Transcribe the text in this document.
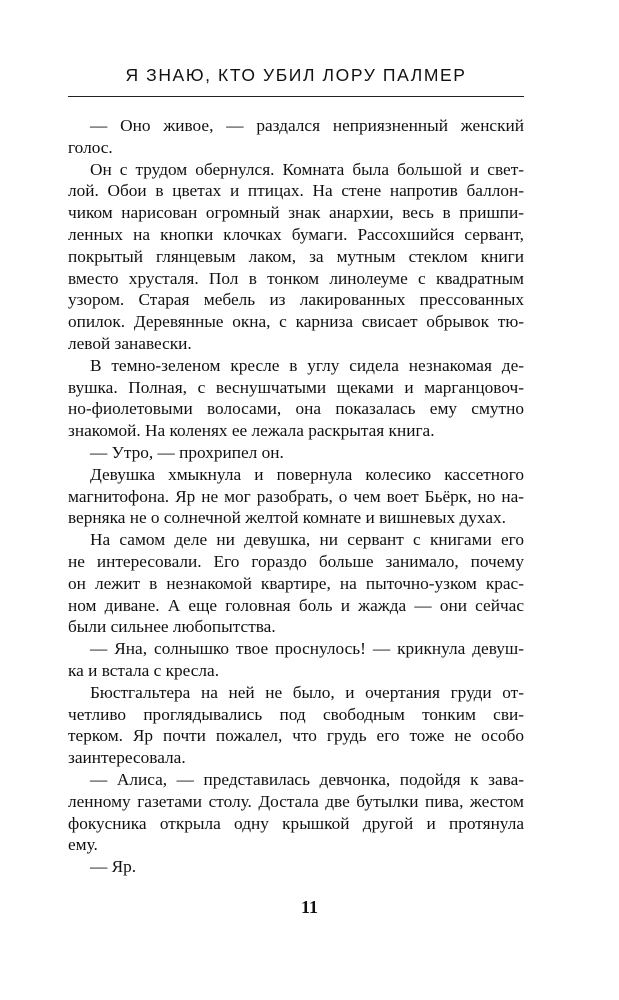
Я ЗНАЮ, КТО УБИЛ ЛОРУ ПАЛМЕР
— Оно живое, — раздался неприязненный женский
голос.
Он с трудом обернулся. Комната была большой и свет-
лой. Обои в цветах и птицах. На стене напротив баллон-
чиком нарисован огромный знак анархии, весь в пришпи-
ленных на кнопки клочках бумаги. Рассохшийся сервант,
покрытый глянцевым лаком, за мутным стеклом книги
вместо хрусталя. Пол в тонком линолеуме с квадратным
узором. Старая мебель из лакированных прессованных
опилок. Деревянные окна, с карниза свисает обрывок тю-
левой занавески.
В темно-зеленом кресле в углу сидела незнакомая де-
вушка. Полная, с веснушчатыми щеками и марганцовоч-
но-фиолетовыми волосами, она показалась ему смутно
знакомой. На коленях ее лежала раскрытая книга.
— Утро, — прохрипел он.
Девушка хмыкнула и повернула колесико кассетного
магнитофона. Яр не мог разобрать, о чем воет Бьёрк, но на-
верняка не о солнечной желтой комнате и вишневых духах.
На самом деле ни девушка, ни сервант с книгами его
не интересовали. Его гораздо больше занимало, почему
он лежит в незнакомой квартире, на пыточно-узком крас-
ном диване. А еще головная боль и жажда — они сейчас
были сильнее любопытства.
— Яна, солнышко твое проснулось! — крикнула девуш-
ка и встала с кресла.
Бюстгальтера на ней не было, и очертания груди от-
четливо проглядывались под свободным тонким сви-
терком. Яр почти пожалел, что грудь его тоже не особо
заинтересовала.
— Алиса, — представилась девчонка, подойдя к зава-
ленному газетами столу. Достала две бутылки пива, жестом
фокусника открыла одну крышкой другой и протянула
ему.
— Яр.
11
